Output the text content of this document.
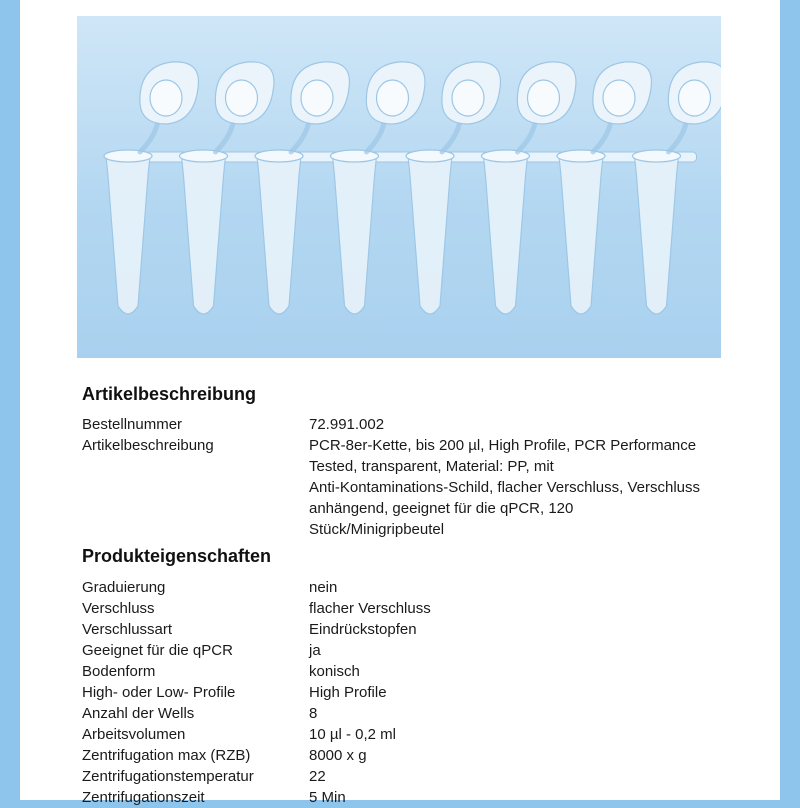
Artikelbeschreibung
Bestellnummer	72.991.002
Artikelbeschreibung	PCR-8er-Kette, bis 200 µl, High Profile, PCR Performance
Tested, transparent, Material: PP, mit
Anti-Kontaminations-Schild, flacher Verschluss, Verschluss
anhängend, geeignet für die qPCR, 120
Stück/Minigripbeutel
Produkteigenschaften
Graduierung	nein
Verschluss	flacher Verschluss
Verschlussart	Eindrückstopfen
Geeignet für die qPCR	ja
Bodenform	konisch
High- oder Low- Profile	High Profile
Anzahl der Wells	8
Arbeitsvolumen	10 µl - 0,2 ml
Zentrifugation max (RZB)	8000 x g
Zentrifugationstemperatur	22
Zentrifugationszeit	5 Min
